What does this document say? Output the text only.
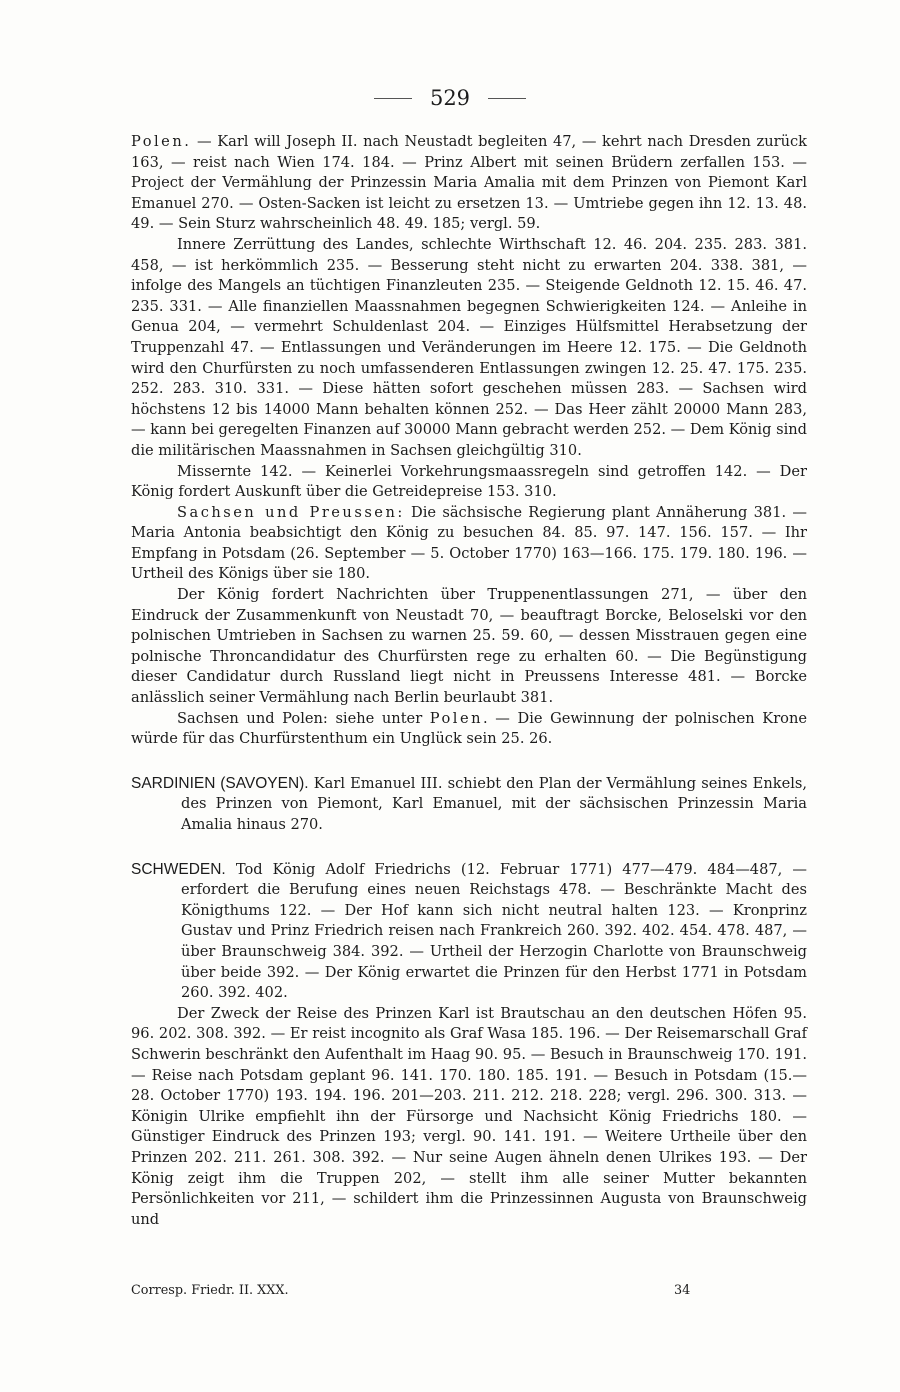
529

Polen. — Karl will Joseph II. nach Neustadt begleiten 47, — kehrt nach Dresden zurück 163, — reist nach Wien 174. 184. — Prinz Albert mit seinen Brüdern zerfallen 153. — Project der Vermählung der Prinzessin Maria Amalia mit dem Prinzen von Piemont Karl Emanuel 270. — Osten-Sacken ist leicht zu ersetzen 13. — Umtriebe gegen ihn 12. 13. 48. 49. — Sein Sturz wahrscheinlich 48. 49. 185; vergl. 59.

Innere Zerrüttung des Landes, schlechte Wirthschaft 12. 46. 204. 235. 283. 381. 458, — ist herkömmlich 235. — Besserung steht nicht zu erwarten 204. 338. 381, — infolge des Mangels an tüchtigen Finanzleuten 235. — Steigende Geldnoth 12. 15. 46. 47. 235. 331. — Alle finanziellen Maassnahmen begegnen Schwierigkeiten 124. — Anleihe in Genua 204, — vermehrt Schuldenlast 204. — Einziges Hülfsmittel Herabsetzung der Truppenzahl 47. — Entlassungen und Veränderungen im Heere 12. 175. — Die Geldnoth wird den Churfürsten zu noch umfassenderen Entlassungen zwingen 12. 25. 47. 175. 235. 252. 283. 310. 331. — Diese hätten sofort geschehen müssen 283. — Sachsen wird höchstens 12 bis 14000 Mann behalten können 252. — Das Heer zählt 20000 Mann 283, — kann bei geregelten Finanzen auf 30000 Mann gebracht werden 252. — Dem König sind die militärischen Maassnahmen in Sachsen gleichgültig 310.

Missernte 142. — Keinerlei Vorkehrungsmaassregeln sind getroffen 142. — Der König fordert Auskunft über die Getreidepreise 153. 310.

Sachsen und Preussen: Die sächsische Regierung plant Annäherung 381. — Maria Antonia beabsichtigt den König zu besuchen 84. 85. 97. 147. 156. 157. — Ihr Empfang in Potsdam (26. September — 5. October 1770) 163—166. 175. 179. 180. 196. — Urtheil des Königs über sie 180.

Der König fordert Nachrichten über Truppenentlassungen 271, — über den Eindruck der Zusammenkunft von Neustadt 70, — beauftragt Borcke, Beloselski vor den polnischen Umtrieben in Sachsen zu warnen 25. 59. 60, — dessen Misstrauen gegen eine polnische Thronсandidatur des Churfürsten rege zu erhalten 60. — Die Begünstigung dieser Candidatur durch Russland liegt nicht in Preussens Interesse 481. — Borcke anlässlich seiner Vermählung nach Berlin beurlaubt 381.

Sachsen und Polen: siehe unter Polen. — Die Gewinnung der polnischen Krone würde für das Churfürstenthum ein Unglück sein 25. 26.

SARDINIEN (SAVOYEN). Karl Emanuel III. schiebt den Plan der Vermählung seines Enkels, des Prinzen von Piemont, Karl Emanuel, mit der sächsischen Prinzessin Maria Amalia hinaus 270.

SCHWEDEN. Tod König Adolf Friedrichs (12. Februar 1771) 477—479. 484—487, — erfordert die Berufung eines neuen Reichstags 478. — Beschränkte Macht des Königthums 122. — Der Hof kann sich nicht neutral halten 123. — Kronprinz Gustav und Prinz Friedrich reisen nach Frankreich 260. 392. 402. 454. 478. 487, — über Braunschweig 384. 392. — Urtheil der Herzogin Charlotte von Braunschweig über beide 392. — Der König erwartet die Prinzen für den Herbst 1771 in Potsdam 260. 392. 402.

Der Zweck der Reise des Prinzen Karl ist Brautschau an den deutschen Höfen 95. 96. 202. 308. 392. — Er reist incognito als Graf Wasa 185. 196. — Der Reisemarschall Graf Schwerin beschränkt den Aufenthalt im Haag 90. 95. — Besuch in Braunschweig 170. 191. — Reise nach Potsdam geplant 96. 141. 170. 180. 185. 191. — Besuch in Potsdam (15.—28. October 1770) 193. 194. 196. 201—203. 211. 212. 218. 228; vergl. 296. 300. 313. — Königin Ulrike empfiehlt ihn der Fürsorge und Nachsicht König Friedrichs 180. — Günstiger Eindruck des Prinzen 193; vergl. 90. 141. 191. — Weitere Urtheile über den Prinzen 202. 211. 261. 308. 392. — Nur seine Augen ähneln denen Ulrikes 193. — Der König zeigt ihm die Truppen 202, — stellt ihm alle seiner Mutter bekannten Persönlichkeiten vor 211, — schildert ihm die Prinzessinnen Augusta von Braunschweig und

Corresp. Friedr. II. XXX.	34
